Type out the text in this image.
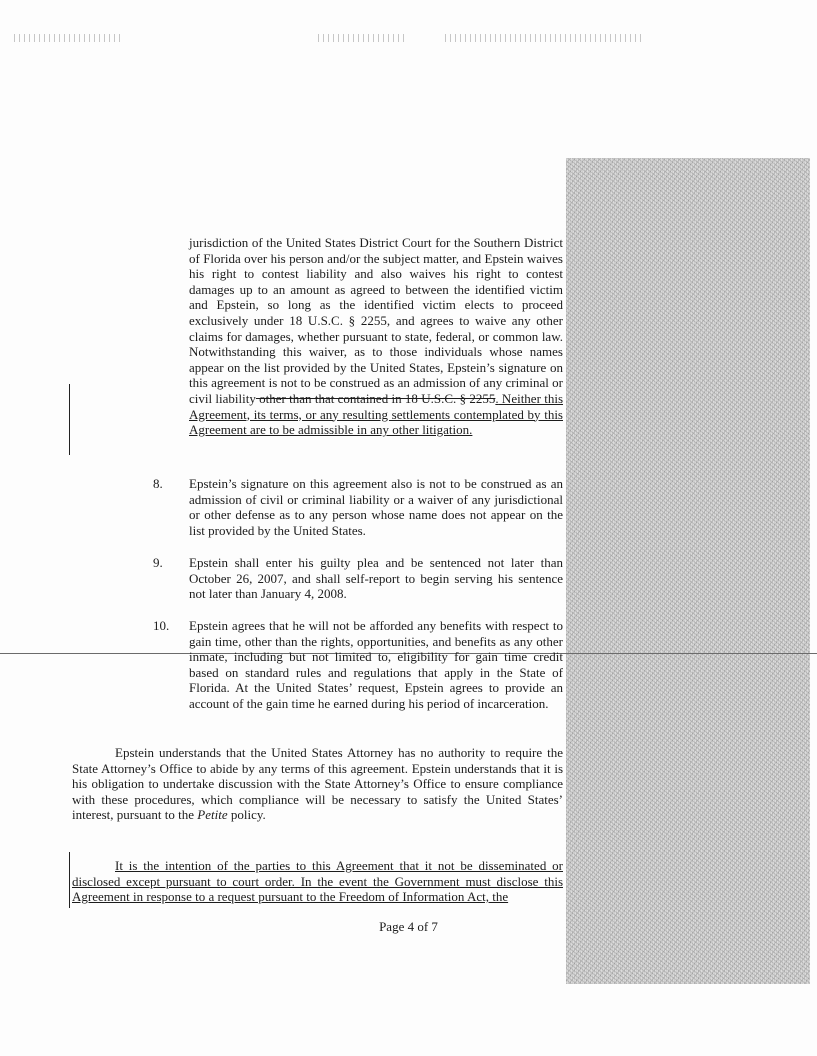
jurisdiction of the United States District Court for the Southern District of Florida over his person and/or the subject matter, and Epstein waives his right to contest liability and also waives his right to contest damages up to an amount as agreed to between the identified victim and Epstein, so long as the identified victim elects to proceed exclusively under 18 U.S.C. § 2255, and agrees to waive any other claims for damages, whether pursuant to state, federal, or common law. Notwithstanding this waiver, as to those individuals whose names appear on the list provided by the United States, Epstein’s signature on this agreement is not to be construed as an admission of any criminal or civil liability other than that contained in 18 U.S.C. § 2255. Neither this Agreement, its terms, or any resulting settlements contemplated by this Agreement are to be admissible in any other litigation.
8. Epstein’s signature on this agreement also is not to be construed as an admission of civil or criminal liability or a waiver of any jurisdictional or other defense as to any person whose name does not appear on the list provided by the United States.
9. Epstein shall enter his guilty plea and be sentenced not later than October 26, 2007, and shall self-report to begin serving his sentence not later than January 4, 2008.
10. Epstein agrees that he will not be afforded any benefits with respect to gain time, other than the rights, opportunities, and benefits as any other inmate, including but not limited to, eligibility for gain time credit based on standard rules and regulations that apply in the State of Florida. At the United States’ request, Epstein agrees to provide an account of the gain time he earned during his period of incarceration.
Epstein understands that the United States Attorney has no authority to require the State Attorney’s Office to abide by any terms of this agreement. Epstein understands that it is his obligation to undertake discussion with the State Attorney’s Office to ensure compliance with these procedures, which compliance will be necessary to satisfy the United States’ interest, pursuant to the Petite policy.
It is the intention of the parties to this Agreement that it not be disseminated or disclosed except pursuant to court order. In the event the Government must disclose this Agreement in response to a request pursuant to the Freedom of Information Act, the
Page 4 of 7
